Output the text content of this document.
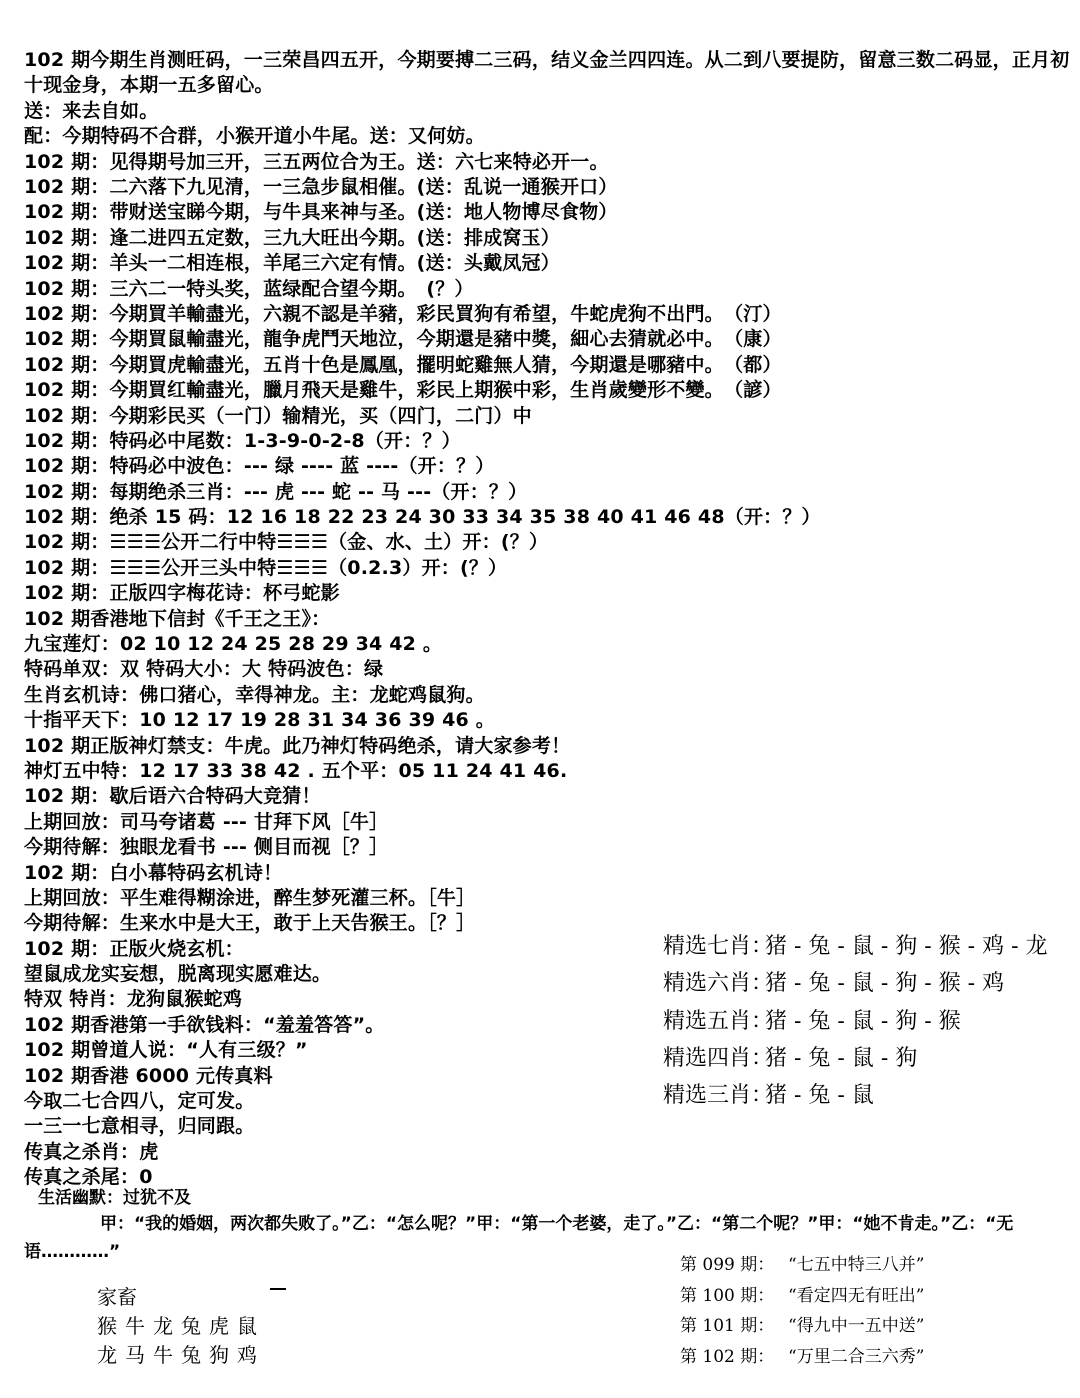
102 期今期生肖测旺码，一三荣昌四五开，今期要搏二三码，结义金兰四四连。从二到八要提防，留意三数二码显，正月初十现金身，本期一五多留心。
送：来去自如。
配：今期特码不合群，小猴开道小牛尾。送：又何妨。
102 期：见得期号加三开，三五两位合为王。送：六七来特必开一。
102 期：二六落下九见清，一三急步鼠相催。(送：乱说一通猴开口）
102 期：带财送宝睇今期，与牛具来神与圣。(送：地人物博尽食物）
102 期：逢二进四五定数，三九大旺出今期。(送：排成窝玉）
102 期：羊头一二相连根，羊尾三六定有情。(送：头戴凤冠）
102 期：三六二一特头奖，蓝绿配合望今期。　(？）
102 期：今期買羊輸盡光，六親不認是羊豬，彩民買狗有希望，牛蛇虎狗不出門。　（汀）
102 期：今期買鼠輸盡光，龍争虎鬥天地泣，今期還是豬中獎，細心去猜就必中。　（康）
102 期：今期買虎輸盡光，五肖十色是鳳凰，擺明蛇雞無人猜，今期還是哪豬中。　（都）
102 期：今期買红輸盡光，臘月飛天是雞牛，彩民上期猴中彩，生肖歲變形不變。　（諺）
102 期：今期彩民买（一门）输精光，买（四门，二门）中
102 期：特码必中尾数：1-3-9-0-2-8（开：？）
102 期：特码必中波色：--- 绿 ---- 蓝 ----（开：？）
102 期：每期绝杀三肖：--- 虎 --- 蛇 -- 马 ---（开：？）
102 期：绝杀 15 码：12 16 18 22 23 24 30 33 34 35 38 40 41 46 48（开：？）
102 期：☰☰☰公开二行中特☰☰☰（金、水、土）开：(？）
102 期：☰☰☰公开三头中特☰☰☰（0.2.3）开：(？）
102 期：正版四字梅花诗：杯弓蛇影
102 期香港地下信封《千王之王》：
九宝莲灯：02 10 12 24 25 28 29 34 42 。
特码单双：双 特码大小：大 特码波色：绿
生肖玄机诗：佛口猪心，幸得神龙。主：龙蛇鸡鼠狗。
十指平天下：10 12 17 19 28 31 34 36 39 46 。
102 期正版神灯禁支：牛虎。此乃神灯特码绝杀，请大家参考！
神灯五中特：12 17 33 38 42 . 五个平：05 11 24 41 46.
102 期：歇后语六合特码大竞猜！
上期回放：司马夸诸葛 --- 甘拜下风［牛］
今期待解：独眼龙看书 --- 侧目而视［？］
102 期：白小幕特码玄机诗！
上期回放：平生难得糊涂进，醉生梦死灌三杯。［牛］
今期待解：生来水中是大王，敢于上天告猴王。［？］
102 期：正版火烧玄机：
望鼠成龙实妄想，脱离现实愿难达。
特双 特肖：龙狗鼠猴蛇鸡
102 期香港第一手欲钱料：“羞羞答答”。
102 期曾道人说：“人有三级？”
102 期香港 6000 元传真料
今取二七合四八，定可发。
一三一七意相寻，归同跟。
传真之杀肖：虎
传真之杀尾：0
精选七肖：猪 - 兔 - 鼠 - 狗 - 猴 - 鸡 - 龙
精选六肖：猪 - 兔 - 鼠 - 狗 - 猴 - 鸡
精选五肖：猪 - 兔 - 鼠 - 狗 - 猴
精选四肖：猪 - 兔 - 鼠 - 狗
精选三肖：猪 - 兔 - 鼠
生活幽默：过犹不及
甲：“我的婚姻，两次都失败了。”乙：“怎么呢？”甲：“第一个老婆，走了。”乙：“第二个呢？”甲：“她不肯走。”乙：“无语…………”
家畜
猴牛龙兔虎鼠
龙马牛兔狗鸡
第 099 期： “七五中特三八并”
第 100 期： “看定四无有旺出”
第 101 期： “得九中一五中送”
第 102 期： “万里二合三六秀”
